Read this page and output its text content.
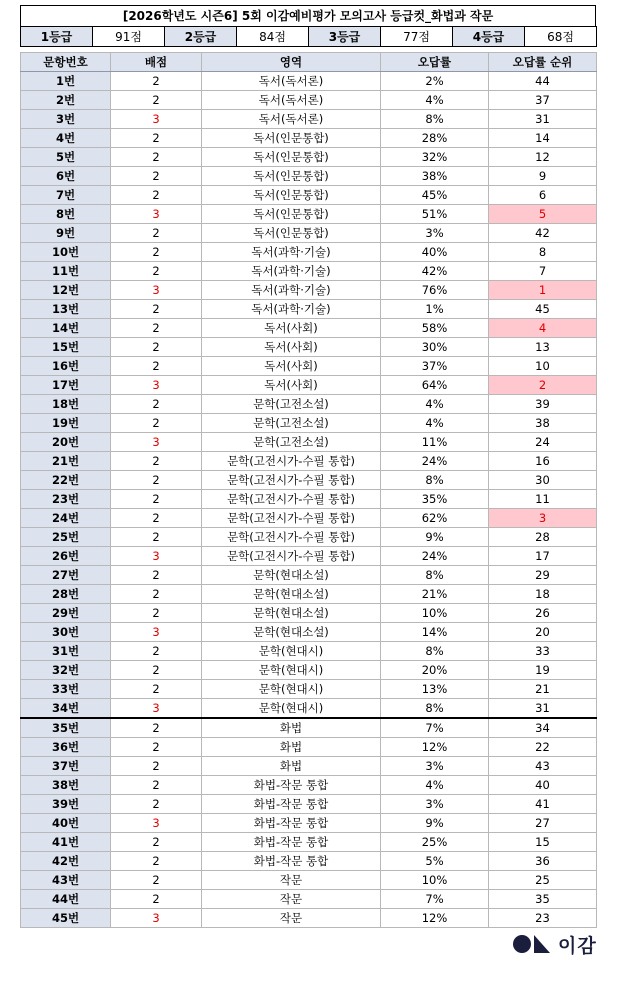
[2026학년도 시즌6] 5회 이감예비평가 모의고사 등급컷_화법과 작문
1등급	91점	2등급	84점	3등급	77점	4등급	68점
문항번호	배점	영역	오답률	오답률 순위
1번	2	독서(독서론)	2%	44
2번	2	독서(독서론)	4%	37
3번	3	독서(독서론)	8%	31
4번	2	독서(인문통합)	28%	14
5번	2	독서(인문통합)	32%	12
6번	2	독서(인문통합)	38%	9
7번	2	독서(인문통합)	45%	6
8번	3	독서(인문통합)	51%	5
9번	2	독서(인문통합)	3%	42
10번	2	독서(과학·기술)	40%	8
11번	2	독서(과학·기술)	42%	7
12번	3	독서(과학·기술)	76%	1
13번	2	독서(과학·기술)	1%	45
14번	2	독서(사회)	58%	4
15번	2	독서(사회)	30%	13
16번	2	독서(사회)	37%	10
17번	3	독서(사회)	64%	2
18번	2	문학(고전소설)	4%	39
19번	2	문학(고전소설)	4%	38
20번	3	문학(고전소설)	11%	24
21번	2	문학(고전시가-수필 통합)	24%	16
22번	2	문학(고전시가-수필 통합)	8%	30
23번	2	문학(고전시가-수필 통합)	35%	11
24번	2	문학(고전시가-수필 통합)	62%	3
25번	2	문학(고전시가-수필 통합)	9%	28
26번	3	문학(고전시가-수필 통합)	24%	17
27번	2	문학(현대소설)	8%	29
28번	2	문학(현대소설)	21%	18
29번	2	문학(현대소설)	10%	26
30번	3	문학(현대소설)	14%	20
31번	2	문학(현대시)	8%	33
32번	2	문학(현대시)	20%	19
33번	2	문학(현대시)	13%	21
34번	3	문학(현대시)	8%	31
35번	2	화법	7%	34
36번	2	화법	12%	22
37번	2	화법	3%	43
38번	2	화법-작문 통합	4%	40
39번	2	화법-작문 통합	3%	41
40번	3	화법-작문 통합	9%	27
41번	2	화법-작문 통합	25%	15
42번	2	화법-작문 통합	5%	36
43번	2	작문	10%	25
44번	2	작문	7%	35
45번	3	작문	12%	23
이감
